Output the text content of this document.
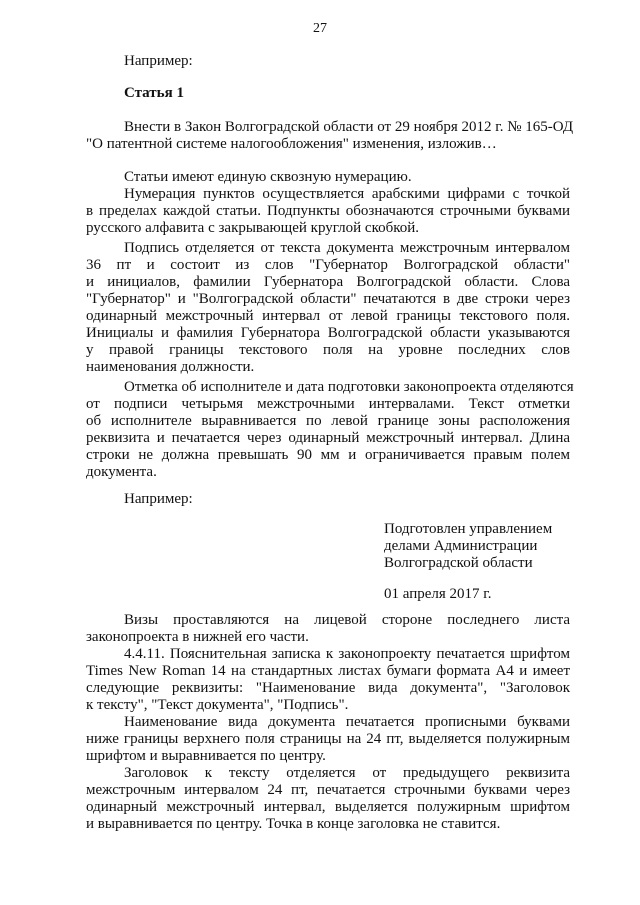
27
Например:
Статья 1
Внести в Закон Волгоградской области от 29 ноября 2012 г. № 165-ОД
"О патентной системе налогообложения" изменения, изложив…
Статьи имеют единую сквозную нумерацию.
Нумерация пунктов осуществляется арабскими цифрами с точкой
в пределах каждой статьи. Подпункты обозначаются строчными буквами
русского алфавита с закрывающей круглой скобкой.
Подпись отделяется от текста документа межстрочным интервалом
36 пт и состоит из слов "Губернатор Волгоградской области"
и инициалов, фамилии Губернатора Волгоградской области. Слова
"Губернатор" и "Волгоградской области" печатаются в две строки через
одинарный межстрочный интервал от левой границы текстового поля.
Инициалы и фамилия Губернатора Волгоградской области указываются
у правой границы текстового поля на уровне последних слов
наименования должности.
Отметка об исполнителе и дата подготовки законопроекта отделяются
от подписи четырьмя межстрочными интервалами. Текст отметки
об исполнителе выравнивается по левой границе зоны расположения
реквизита и печатается через одинарный межстрочный интервал. Длина
строки не должна превышать 90 мм и ограничивается правым полем
документа.
Например:
Подготовлен управлением
делами Администрации
Волгоградской области
01 апреля 2017 г.
Визы проставляются на лицевой стороне последнего листа
законопроекта в нижней его части.
4.4.11. Пояснительная записка к законопроекту печатается шрифтом
Times New Roman 14 на стандартных листах бумаги формата А4 и имеет
следующие реквизиты: "Наименование вида документа", "Заголовок
к тексту", "Текст документа", "Подпись".
Наименование вида документа печатается прописными буквами
ниже границы верхнего поля страницы на 24 пт, выделяется полужирным
шрифтом и выравнивается по центру.
Заголовок к тексту отделяется от предыдущего реквизита
межстрочным интервалом 24 пт, печатается строчными буквами через
одинарный межстрочный интервал, выделяется полужирным шрифтом
и выравнивается по центру. Точка в конце заголовка не ставится.
